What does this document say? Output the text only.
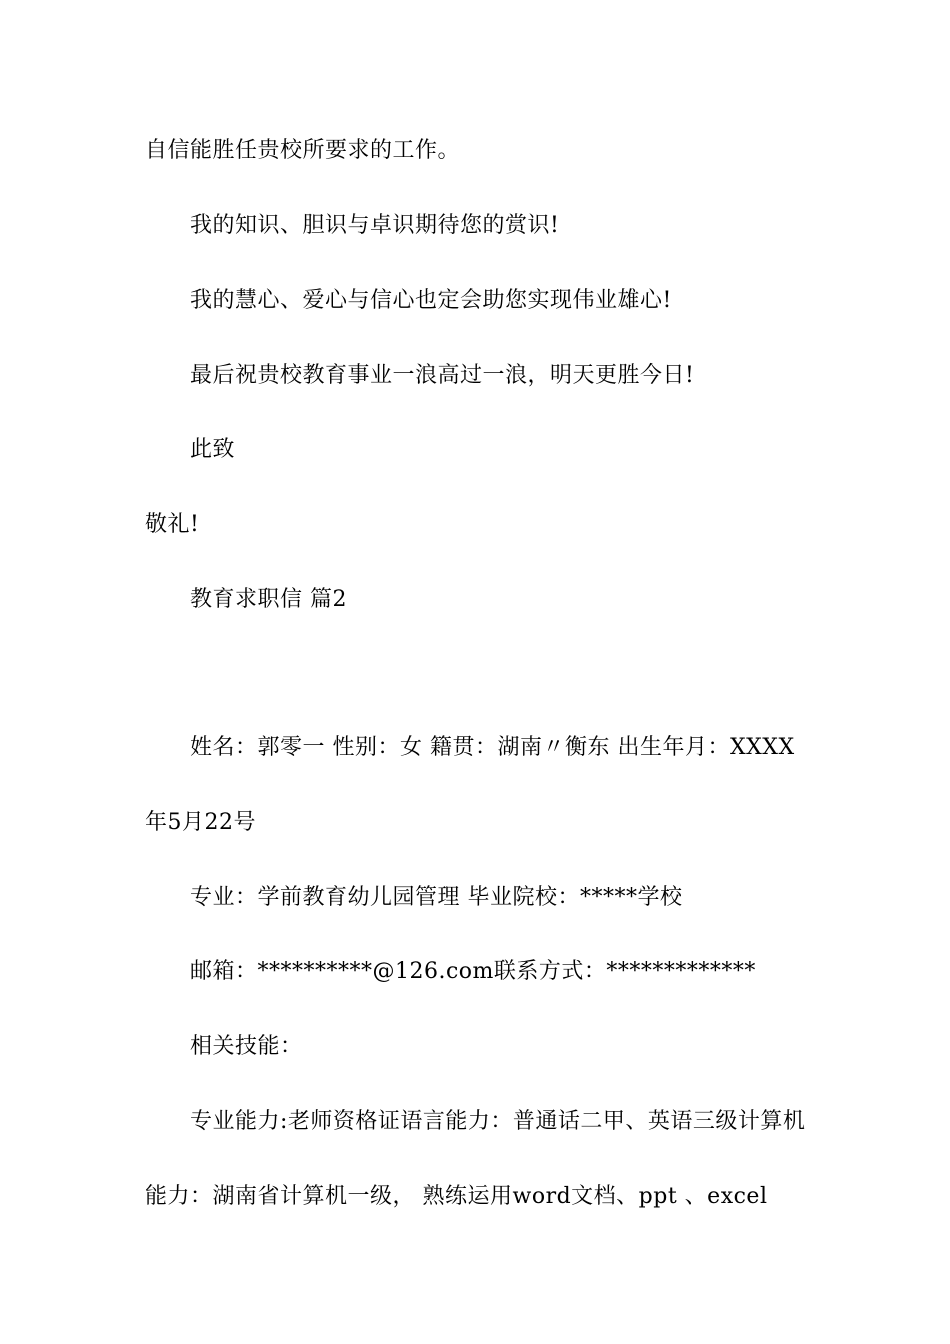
自信能胜任贵校所要求的工作。
我的知识、胆识与卓识期待您的赏识!
我的慧心、爱心与信心也定会助您实现伟业雄心!
最后祝贵校教育事业一浪高过一浪，明天更胜今日!
此致
敬礼!
教育求职信 篇2
姓名：郭零一 性别：女 籍贯：湖南〃衡东 出生年月：XXXX
年5月22号
专业：学前教育幼儿园管理 毕业院校：*****学校
邮箱：**********@126.com联系方式：*************
相关技能：
专业能力:老师资格证语言能力：普通话二甲、英语三级计算机
能力：湖南省计算机一级， 熟练运用word文档、ppt 、excel
